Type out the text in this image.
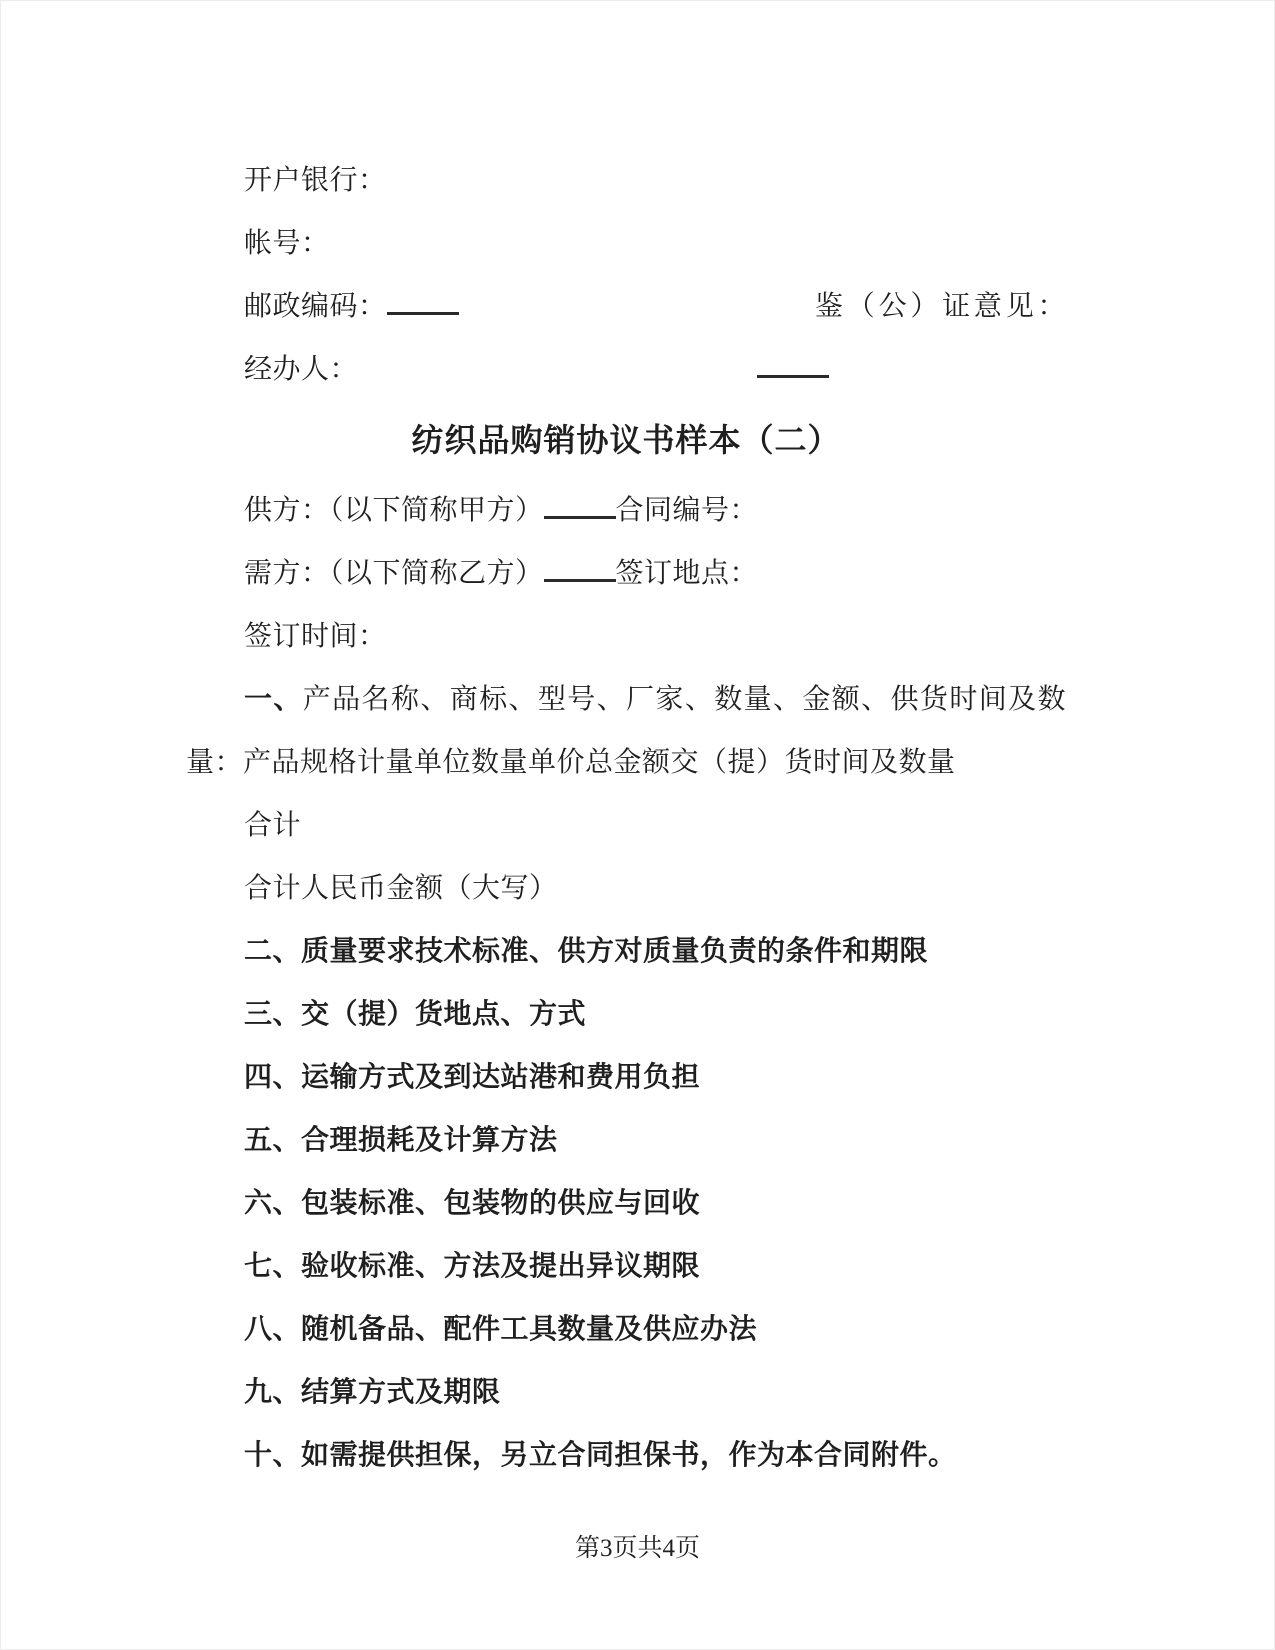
开户银行：

帐号：

邮政编码：	鉴（公）证意见：

经办人：

纺织品购销协议书样本（二）

供方：（以下简称甲方）	合同编号：

需方：（以下简称乙方）	签订地点：

签订时间：

一、产品名称、商标、型号、厂家、数量、金额、供货时间及数量：产品规格计量单位数量单价总金额交（提）货时间及数量

合计

合计人民币金额（大写）

二、质量要求技术标准、供方对质量负责的条件和期限

三、交（提）货地点、方式

四、运输方式及到达站港和费用负担

五、合理损耗及计算方法

六、包装标准、包装物的供应与回收

七、验收标准、方法及提出异议期限

八、随机备品、配件工具数量及供应办法

九、结算方式及期限

十、如需提供担保，另立合同担保书，作为本合同附件。

第3页共4页
